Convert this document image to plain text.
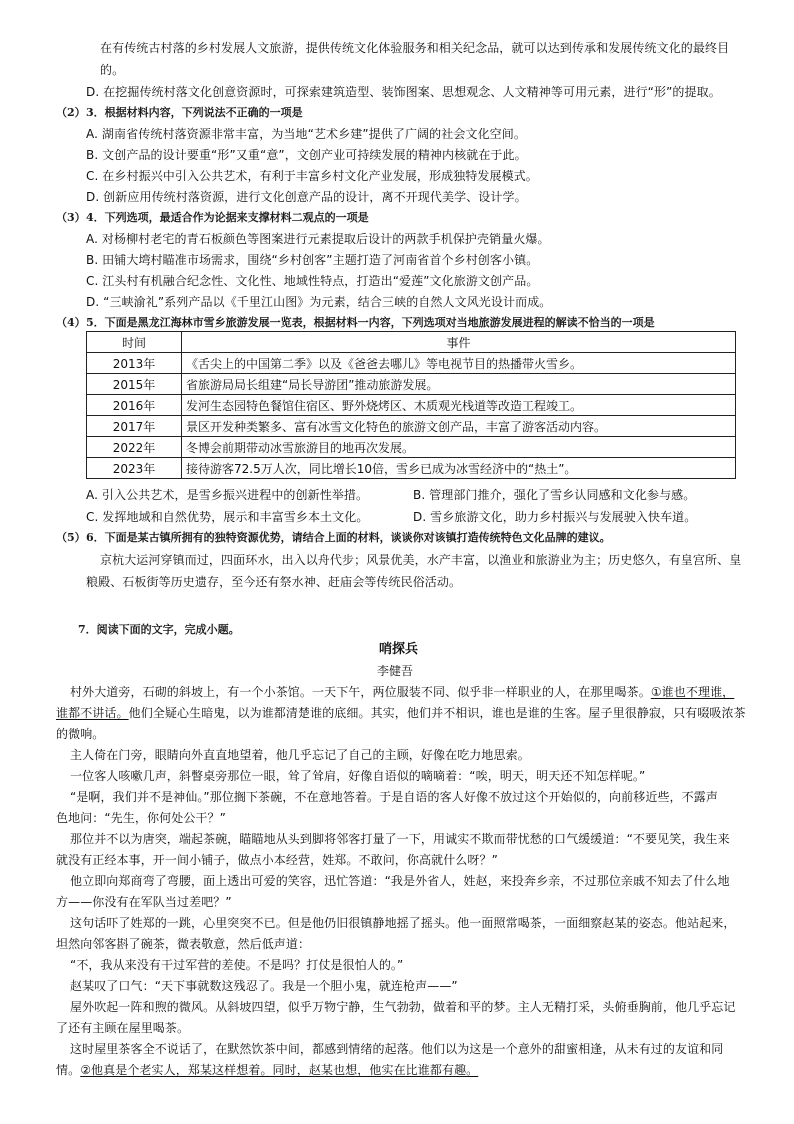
在有传统古村落的乡村发展人文旅游，提供传统文化体验服务和相关纪念品，就可以达到传承和发展传统文化的最终目
的。
D. 在挖掘传统村落文化创意资源时，可探索建筑造型、装饰图案、思想观念、人文精神等可用元素，进行“形”的提取。
（2） 3．根据材料内容，下列说法不正确的一项是
A. 湖南省传统村落资源非常丰富，为当地“艺术乡建”提供了广阔的社会文化空间。
B. 文创产品的设计要重“形”又重“意”，文创产业可持续发展的精神内核就在于此。
C. 在乡村振兴中引入公共艺术，有利于丰富乡村文化产业发展，形成独特发展模式。
D. 创新应用传统村落资源，进行文化创意产品的设计，离不开现代美学、设计学。
（3） 4．下列选项，最适合作为论据来支撑材料二观点的一项是
A. 对杨柳村老宅的青石板颜色等图案进行元素提取后设计的两款手机保护壳销量火爆。
B. 田铺大塆村瞄准市场需求，围绕“乡村创客”主题打造了河南省首个乡村创客小镇。
C. 江头村有机融合纪念性、文化性、地域性特点，打造出“爱莲”文化旅游文创产品。
D. “三峡渝礼”系列产品以《千里江山图》为元素，结合三峡的自然人文风光设计而成。
（4） 5．下面是黑龙江海林市雪乡旅游发展一览表，根据材料一内容，下列选项对当地旅游发展进程的解读不恰当的一项是
时间	事件
2013年	《舌尖上的中国第二季》以及《爸爸去哪儿》等电视节目的热播带火雪乡。
2015年	省旅游局局长组建“局长导游团”推动旅游发展。
2016年	发河生态园特色餐馆住宿区、野外烧烤区、木质观光栈道等改造工程竣工。
2017年	景区开发种类繁多、富有冰雪文化特色的旅游文创产品，丰富了游客活动内容。
2022年	冬博会前期带动冰雪旅游目的地再次发展。
2023年	接待游客72.5万人次，同比增长10倍，雪乡已成为冰雪经济中的“热土”。
A. 引入公共艺术，是雪乡振兴进程中的创新性举措。	B. 管理部门推介，强化了雪乡认同感和文化参与感。
C. 发挥地域和自然优势，展示和丰富雪乡本土文化。	D. 雪乡旅游文化，助力乡村振兴与发展驶入快车道。
（5） 6．下面是某古镇所拥有的独特资源优势，请结合上面的材料，谈谈你对该镇打造传统特色文化品牌的建议。
京杭大运河穿镇而过，四面环水，出入以舟代步；风景优美，水产丰富，以渔业和旅游业为主；历史悠久，有皇宫所、皇
粮殿、石板街等历史遗存，至今还有祭水神、赶庙会等传统民俗活动。
7．阅读下面的文字，完成小题。
哨探兵
李健吾
村外大道旁，石砌的斜坡上，有一个小茶馆。一天下午，两位服装不同、似乎非一样职业的人，在那里喝茶。①谁也不理谁，
谁都不讲话。他们全疑心生暗鬼，以为谁都清楚谁的底细。其实，他们并不相识，谁也是谁的生客。屋子里很静寂，只有啜吸浓茶
的微响。
主人倚在门旁，眼睛向外直直地望着，他几乎忘记了自己的主顾，好像在吃力地思索。
一位客人咳嗽几声，斜瞥桌旁那位一眼，耸了耸肩，好像自语似的嘀嘀着：“唉，明天，明天还不知怎样呢。”
“是啊，我们并不是神仙。”那位搁下茶碗，不在意地答着。于是自语的客人好像不放过这个开始似的，向前移近些，不露声
色地问：“先生，你何处公干？”
那位并不以为唐突，端起茶碗，瞄瞄地从头到脚将邻客打量了一下，用诚实不欺而带忧愁的口气缓缓道：“不要见笑，我生来
就没有正经本事，开一间小铺子，做点小本经营，姓郑。不敢问，你高就什么呀？”
他立即向郑商弯了弯腰，面上透出可爱的笑容，迅忙答道：“我是外省人，姓赵，来投奔乡亲，不过那位亲戚不知去了什么地
方——你没有在军队当过差吧？”
这句话吓了姓郑的一跳，心里突突不已。但是他仍旧很镇静地摇了摇头。他一面照常喝茶，一面细察赵某的姿态。他站起来，
坦然向邻客斟了碗茶，微表敬意，然后低声道：
“不，我从来没有干过军营的差使。不是吗？打仗是很怕人的。”
赵某叹了口气：“天下事就数这残忍了。我是一个胆小鬼，就连枪声——”
屋外吹起一阵和煦的微风。从斜坡四望，似乎万物宁静，生气勃勃，做着和平的梦。主人无精打采，头俯垂胸前，他几乎忘记
了还有主顾在屋里喝茶。
这时屋里茶客全不说话了，在默然饮茶中间，都感到情绪的起落。他们以为这是一个意外的甜蜜相逢，从未有过的友谊和同
情。②他真是个老实人，郑某这样想着。同时，赵某也想，他实在比谁都有趣。
